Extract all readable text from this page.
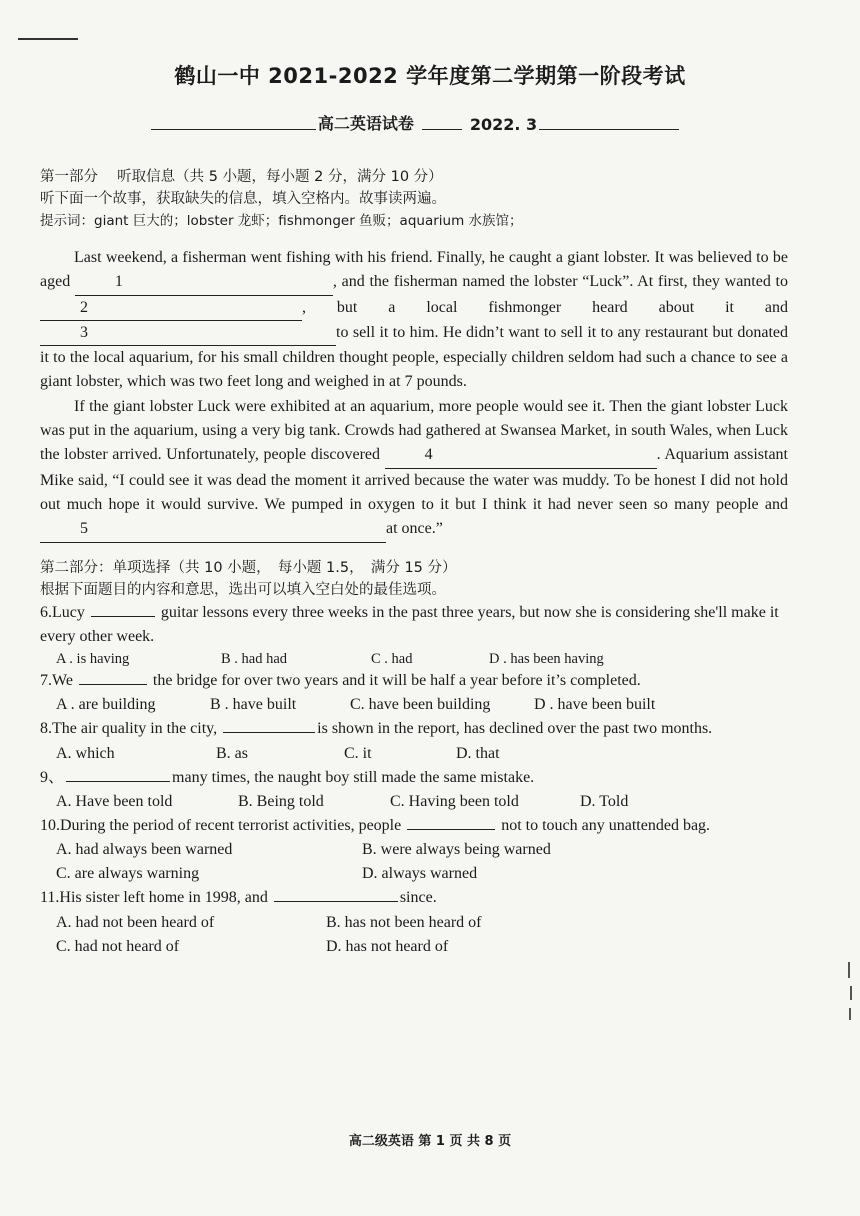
鹤山一中 2021-2022 学年度第二学期第一阶段考试
高二英语试卷	2022. 3
第一部分　 听取信息（共 5 小题，每小题 2 分，满分 10 分）
听下面一个故事，获取缺失的信息，填入空格内。故事读两遍。
提示词：giant 巨大的；lobster 龙虾；fishmonger 鱼贩；aquarium 水族馆；

Last weekend, a fisherman went fishing with his friend. Finally, he caught a giant lobster. It was believed to be aged	1	, and the fisherman named the lobster “Luck”. At first, they wanted to 2	, but a local fishmonger heard about it and 3	to sell it to him. He didn’t want to sell it to any restaurant but donated it to the local aquarium, for his small children thought people, especially children seldom had such a chance to see a giant lobster, which was two feet long and weighed in at 7 pounds.

If the giant lobster Luck were exhibited at an aquarium, more people would see it. Then the giant lobster Luck was put in the aquarium, using a very big tank. Crowds had gathered at Swansea Market, in south Wales, when Luck the lobster arrived. Unfortunately, people discovered	4	. Aquarium assistant Mike said, “I could see it was dead the moment it arrived because the water was muddy. To be honest I did not hold out much hope it would survive. We pumped in oxygen to it but I think it had never seen so many people and 5	at once.”

第二部分：单项选择（共 10 小题，　每小题 1.5，　满分 15 分）
根据下面题目的内容和意思，选出可以填入空白处的最佳选项。
6.Lucy	guitar lessons every three weeks in the past three years, but now she is considering she'll make it every other week.
A . is having	B . had had	C . had	D . has been having
7.We	the bridge for over two years and it will be half a year before it’s completed.
A . are building	B . have built	C. have been building	D . have been built
8.The air quality in the city,	is shown in the report, has declined over the past two months.
A. which	B. as	C. it	D. that
9、	many times, the naught boy still made the same mistake.
A. Have been told	B. Being told	C. Having been told	D. Told
10.During the period of recent terrorist activities, people	not to touch any unattended bag.
A. had always been warned	B. were always being warned
C. are always warning	D. always warned
11.His sister left home in 1998, and	since.
A. had not been heard of	B. has not been heard of
C. had not heard of	D. has not heard of
高二级英语 第 1 页 共 8 页
